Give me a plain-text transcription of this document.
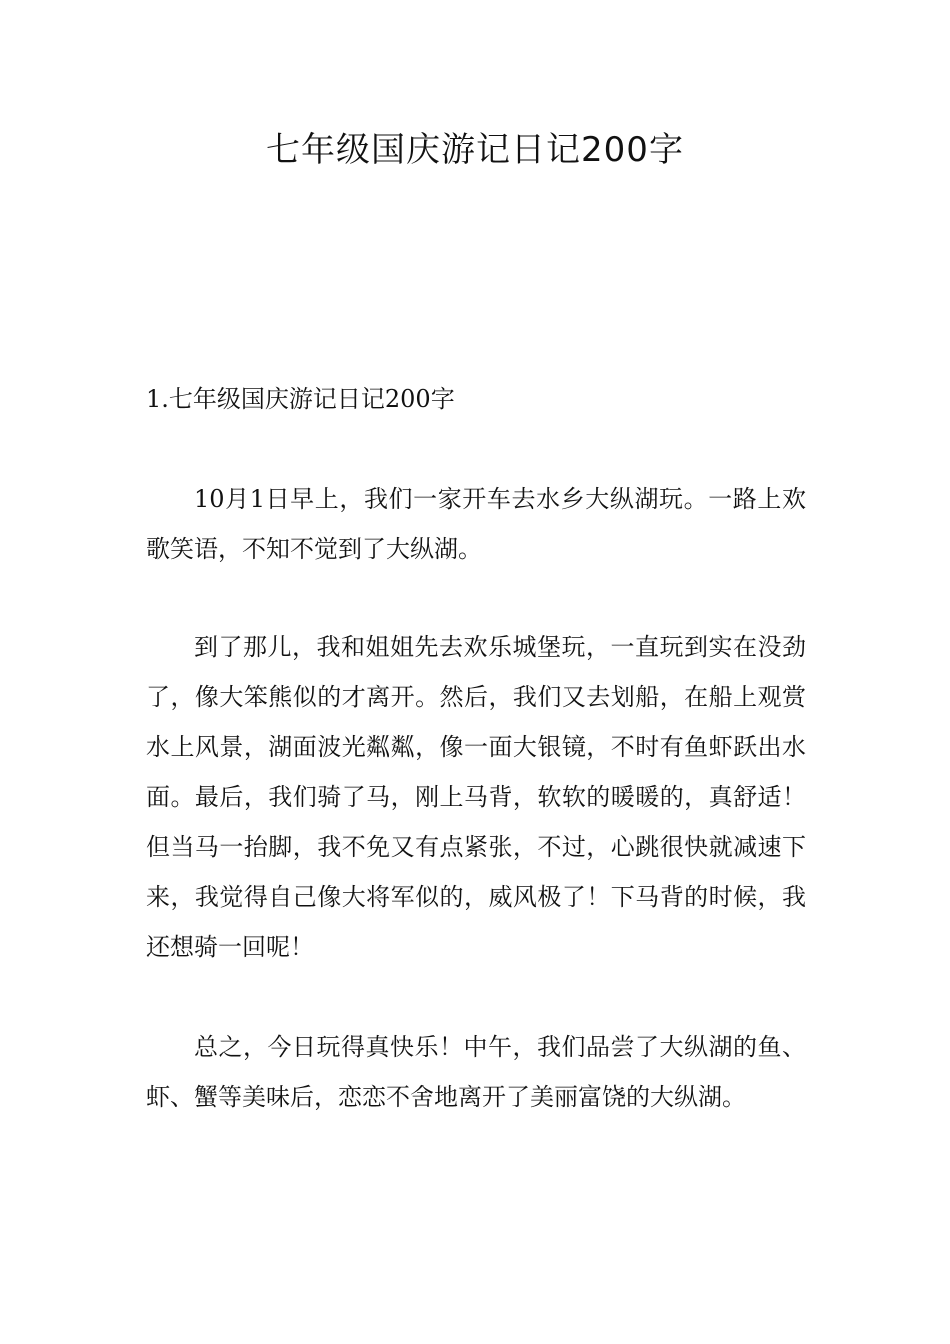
七年级国庆游记日记200字
1.七年级国庆游记日记200字

10月1日早上，我们一家开车去水乡大纵湖玩。一路上欢歌笑语，不知不觉到了大纵湖。

到了那儿，我和姐姐先去欢乐城堡玩，一直玩到实在没劲了，像大笨熊似的才离开。然后，我们又去划船，在船上观赏水上风景，湖面波光粼粼，像一面大银镜，不时有鱼虾跃出水面。最后，我们骑了马，刚上马背，软软的暖暖的，真舒适！但当马一抬脚，我不免又有点紧张，不过，心跳很快就减速下来，我觉得自己像大将军似的，威风极了！下马背的时候，我还想骑一回呢！

总之，今日玩得真快乐！中午，我们品尝了大纵湖的鱼、虾、蟹等美味后，恋恋不舍地离开了美丽富饶的大纵湖。
